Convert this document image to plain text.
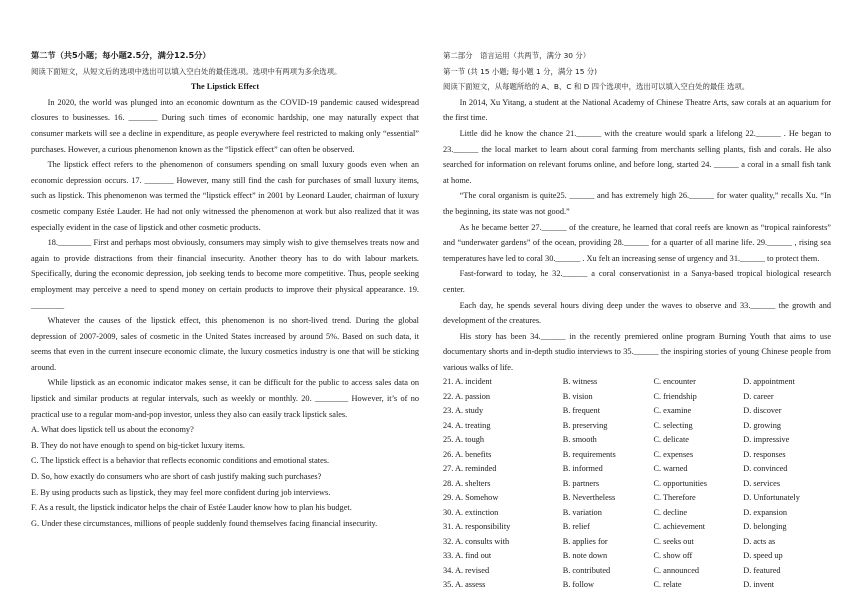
第二节（共5小题；每小题2.5分，满分12.5分）
阅读下面短文，从短文后的选项中选出可以填入空白处的最佳选项。选项中有两项为多余选项。
The Lipstick Effect

In 2020, the world was plunged into an economic downturn as the COVID-19 pandemic caused widespread closures to businesses. 16. _______ During such times of economic hardship, one may naturally expect that consumer markets will see a decline in expenditure, as people everywhere feel restricted to making only “essential” purchases. However, a curious phenomenon known as the “lipstick effect” can often be observed.

The lipstick effect refers to the phenomenon of consumers spending on small luxury goods even when an economic depression occurs. 17. _______ However, many still find the cash for purchases of small luxury items, such as lipstick. This phenomenon was termed the “lipstick effect” in 2001 by Leonard Lauder, chairman of luxury cosmetic company Estée Lauder. He had not only witnessed the phenomenon at work but also realized that it was especially evident in the case of lipstick and other cosmetic products.

18.________ First and perhaps most obviously, consumers may simply wish to give themselves treats now and again to provide distractions from their financial insecurity. Another theory has to do with labour markets. Specifically, during the economic depression, job seeking tends to become more competitive. Thus, people seeking employment may perceive a need to spend money on certain products to improve their physical appearance. 19. ________

Whatever the causes of the lipstick effect, this phenomenon is no short-lived trend. During the global depression of 2007-2009, sales of cosmetic in the United States increased by around 5%. Based on such data, it seems that even in the current insecure economic climate, the luxury cosmetics industry is one that will be sticking around.

While lipstick as an economic indicator makes sense, it can be difficult for the public to access sales data on lipstick and similar products at regular intervals, such as weekly or monthly. 20. ________ However, it’s of no practical use to a regular mom-and-pop investor, unless they also can easily track lipstick sales.

A. What does lipstick tell us about the economy?

B. They do not have enough to spend on big-ticket luxury items.

C. The lipstick effect is a behavior that reflects economic conditions and emotional states.

D. So, how exactly do consumers who are short of cash justify making such purchases?

E. By using products such as lipstick, they may feel more confident during job interviews.

F. As a result, the lipstick indicator helps the chair of Estée Lauder know how to plan his budget.

G. Under these circumstances, millions of people suddenly found themselves facing financial insecurity.

第二部分　语言运用（共两节，满分 30 分）
第一节 (共 15 小题; 每小题 1 分，满分 15 分)
阅读下面短文，从每题所给的 A、B、C 和 D 四个选项中，选出可以填入空白处的最佳 选项。

In 2014, Xu Yitang, a student at the National Academy of Chinese Theatre Arts, saw corals at an aquarium for the first time.

Little did he know the chance 21.______ with the creature would spark a lifelong 22.______ . He began to 23.______ the local market to learn about coral farming from merchants selling plants, fish and corals. He also searched for information on relevant forums online, and before long, started 24. ______ a coral in a small fish tank at home.

“The coral organism is quite25. ______ and has extremely high 26.______ for water quality,” recalls Xu. “In the beginning, its state was not good.”

As he became better 27.______ of the creature, he learned that coral reefs are known as “tropical rainforests” and “underwater gardens” of the ocean, providing 28.______ for a quarter of all marine life. 29.______ , rising sea temperatures have led to coral 30.______ . Xu felt an increasing sense of urgency and 31.______ to protect them.

Fast-forward to today, he 32.______ a coral conservationist in a Sanya-based tropical biological research center.

Each day, he spends several hours diving deep under the waves to observe and 33.______ the growth and development of the creatures.

His story has been 34.______ in the recently premiered online program Burning Youth that aims to use documentary shorts and in-depth studio interviews to 35.______ the inspiring stories of young Chinese people from various walks of life.

21. A. incident	B. witness	C. encounter	D. appointment
22. A. passion	B. vision	C. friendship	D. career
23. A. study	B. frequent	C. examine	D. discover
24. A. treating	B. preserving	C. selecting	D. growing
25. A. tough	B. smooth	C. delicate	D. impressive
26. A. benefits	B. requirements	C. expenses	D. responses
27. A. reminded	B. informed	C. warned	D. convinced
28. A. shelters	B. partners	C. opportunities	D. services
29. A. Somehow	B. Nevertheless	C. Therefore	D. Unfortunately
30. A. extinction	B. variation	C. decline	D. expansion
31. A. responsibility	B. relief	C. achievement	D. belonging
32. A. consults with	B. applies for	C. seeks out	D. acts as
33. A. find out	B. note down	C. show off	D. speed up
34. A. revised	B. contributed	C. announced	D. featured
35. A. assess	B. follow	C. relate	D. invent
